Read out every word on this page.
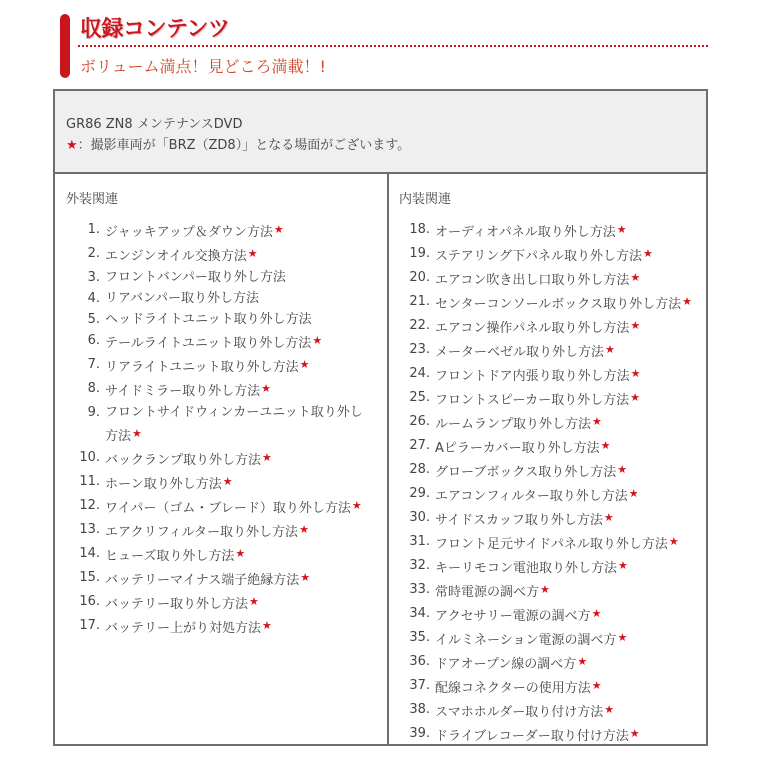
収録コンテンツ
ボリューム満点！見どころ満載！!
GR86 ZN8 メンテナンスDVD
★：撮影車両が「BRZ（ZD8）」となる場面がございます。
外装関連
1. ジャッキアップ＆ダウン方法★
2. エンジンオイル交換方法★
3. フロントバンパー取り外し方法
4. リアバンパー取り外し方法
5. ヘッドライトユニット取り外し方法
6. テールライトユニット取り外し方法★
7. リアライトユニット取り外し方法★
8. サイドミラー取り外し方法★
9. フロントサイドウィンカーユニット取り外し方法★
10. バックランプ取り外し方法★
11. ホーン取り外し方法★
12. ワイパー（ゴム・ブレード）取り外し方法★
13. エアクリフィルター取り外し方法★
14. ヒューズ取り外し方法★
15. バッテリーマイナス端子絶縁方法★
16. バッテリー取り外し方法★
17. バッテリー上がり対処方法★
内装関連
18. オーディオパネル取り外し方法★
19. ステアリング下パネル取り外し方法★
20. エアコン吹き出し口取り外し方法★
21. センターコンソールボックス取り外し方法★
22. エアコン操作パネル取り外し方法★
23. メーターベゼル取り外し方法★
24. フロントドア内張り取り外し方法★
25. フロントスピーカー取り外し方法★
26. ルームランプ取り外し方法★
27. Aピラーカバー取り外し方法★
28. グローブボックス取り外し方法★
29. エアコンフィルター取り外し方法★
30. サイドスカッフ取り外し方法★
31. フロント足元サイドパネル取り外し方法★
32. キーリモコン電池取り外し方法★
33. 常時電源の調べ方★
34. アクセサリー電源の調べ方★
35. イルミネーション電源の調べ方★
36. ドアオープン線の調べ方★
37. 配線コネクターの使用方法★
38. スマホホルダー取り付け方法★
39. ドライブレコーダー取り付け方法★
